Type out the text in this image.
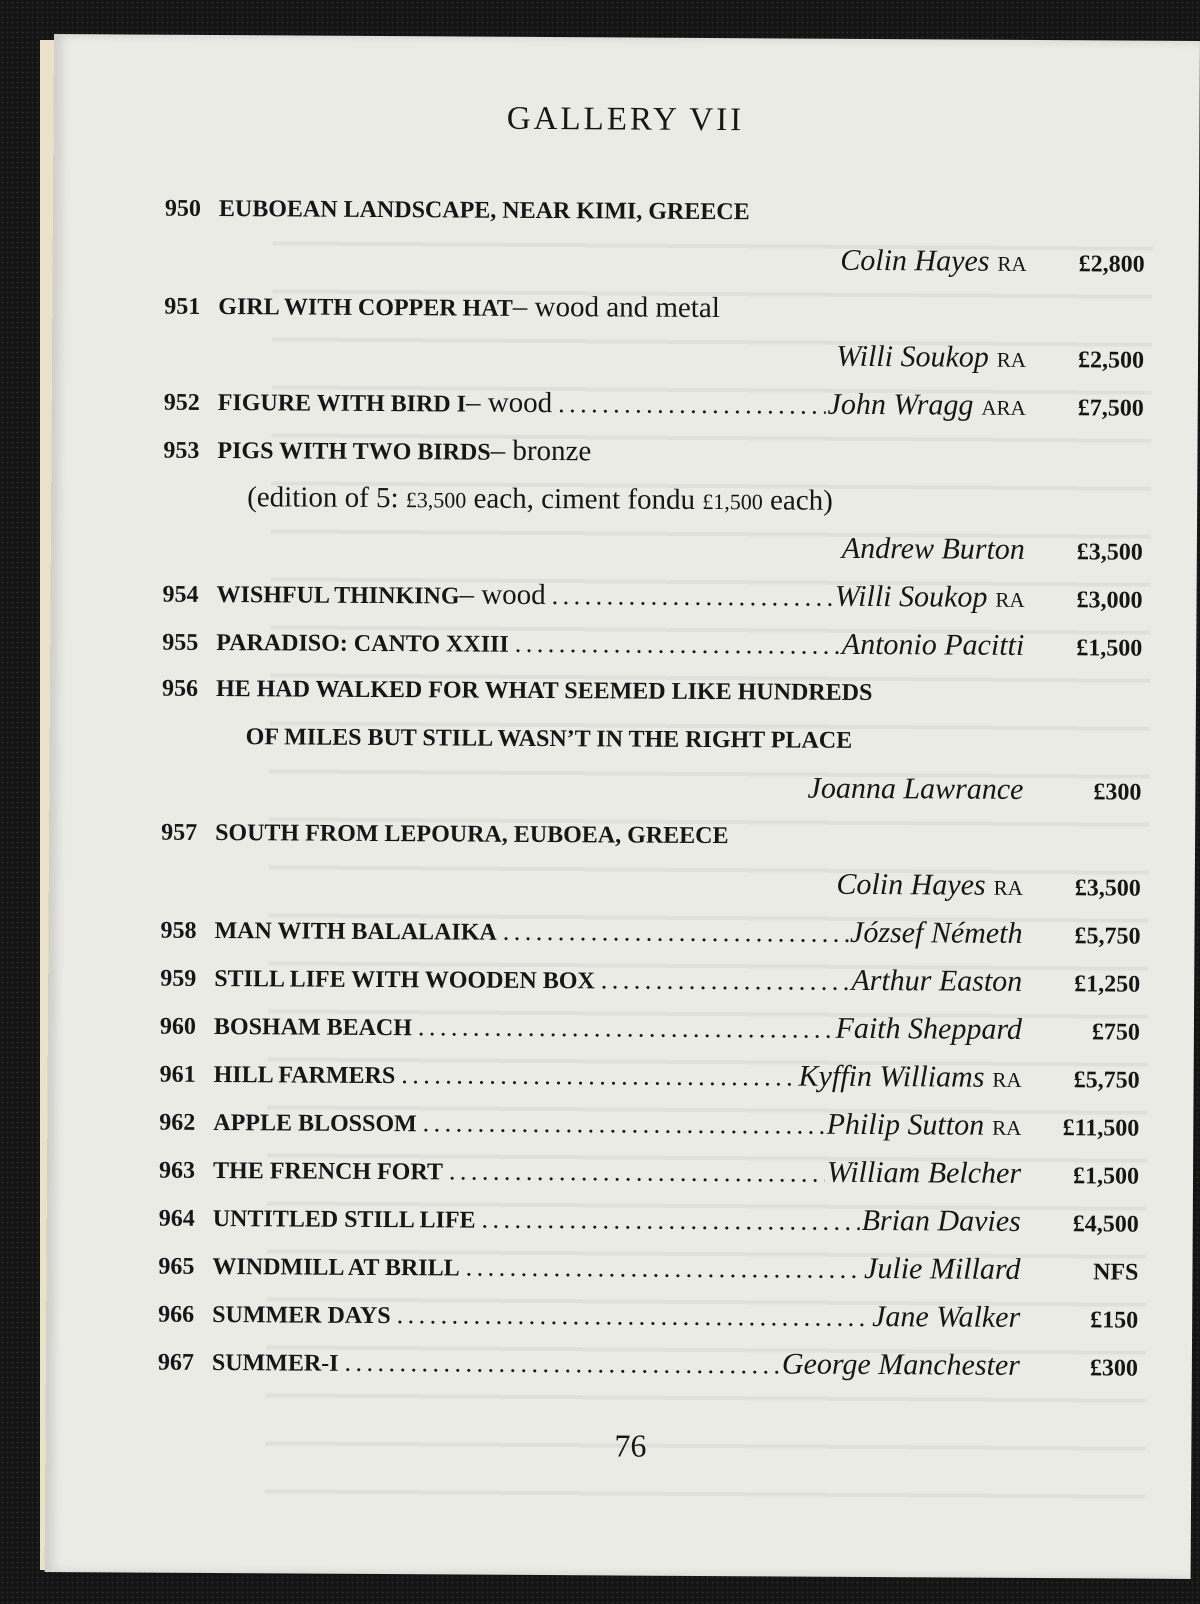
GALLERY VII
950 EUBOEAN LANDSCAPE, NEAR KIMI, GREECE
Colin Hayes RA	£2,800
951 GIRL WITH COPPER HAT – wood and metal
Willi Soukop RA	£2,500
952 FIGURE WITH BIRD I – wood . . .	John Wragg ARA	£7,500
953 PIGS WITH TWO BIRDS – bronze
(edition of 5: £3,500 each, ciment fondu £1,500 each)
Andrew Burton	£3,500
954 WISHFUL THINKING – wood . . .	Willi Soukop RA	£3,000
955 PARADISO: CANTO XXIII . . .	Antonio Pacitti	£1,500
956 HE HAD WALKED FOR WHAT SEEMED LIKE HUNDREDS
OF MILES BUT STILL WASN’T IN THE RIGHT PLACE
Joanna Lawrance	£300
957 SOUTH FROM LEPOURA, EUBOEA, GREECE
Colin Hayes RA	£3,500
958 MAN WITH BALALAIKA . . .	József Németh	£5,750
959 STILL LIFE WITH WOODEN BOX . . .	Arthur Easton	£1,250
960 BOSHAM BEACH . . .	Faith Sheppard	£750
961 HILL FARMERS . . .	Kyffin Williams RA	£5,750
962 APPLE BLOSSOM . . .	Philip Sutton RA	£11,500
963 THE FRENCH FORT . . .	William Belcher	£1,500
964 UNTITLED STILL LIFE . . .	Brian Davies	£4,500
965 WINDMILL AT BRILL . . .	Julie Millard	NFS
966 SUMMER DAYS . . .	Jane Walker	£150
967 SUMMER-I . . .	George Manchester	£300
76
